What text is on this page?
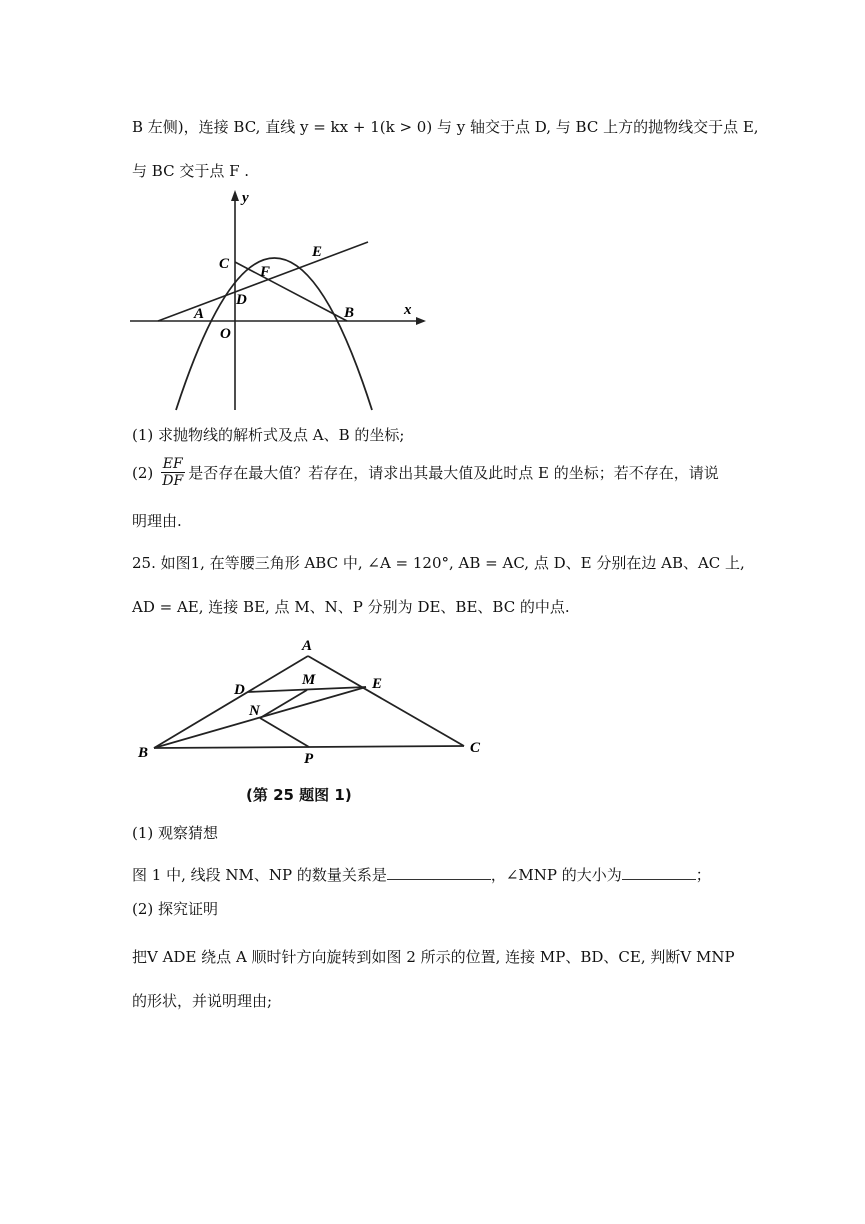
B 左侧)，连接 BC, 直线 y = kx + 1(k > 0) 与 y 轴交于点 D, 与 BC 上方的抛物线交于点 E,
与 BC 交于点 F .
y
x
C
E
F
D
A
O
B
(1) 求抛物线的解析式及点 A、B 的坐标;
(2) EF
DF 是否存在最大值？若存在，请求出其最大值及此时点 E 的坐标；若不存在，请说
明理由.
25. 如图1, 在等腰三角形 ABC 中, ∠A = 120°, AB = AC, 点 D、E 分别在边 AB、AC 上,
AD = AE, 连接 BE, 点 M、N、P 分别为 DE、BE、BC 的中点.
A
M
D	E
N
B	P
C
(第 25 题图 1)
(1) 观察猜想
图 1 中, 线段 NM、NP 的数量关系是	，∠MNP 的大小为	；
(2) 探究证明
把V ADE 绕点 A 顺时针方向旋转到如图 2 所示的位置, 连接 MP、BD、CE, 判断V MNP
的形状，并说明理由;
